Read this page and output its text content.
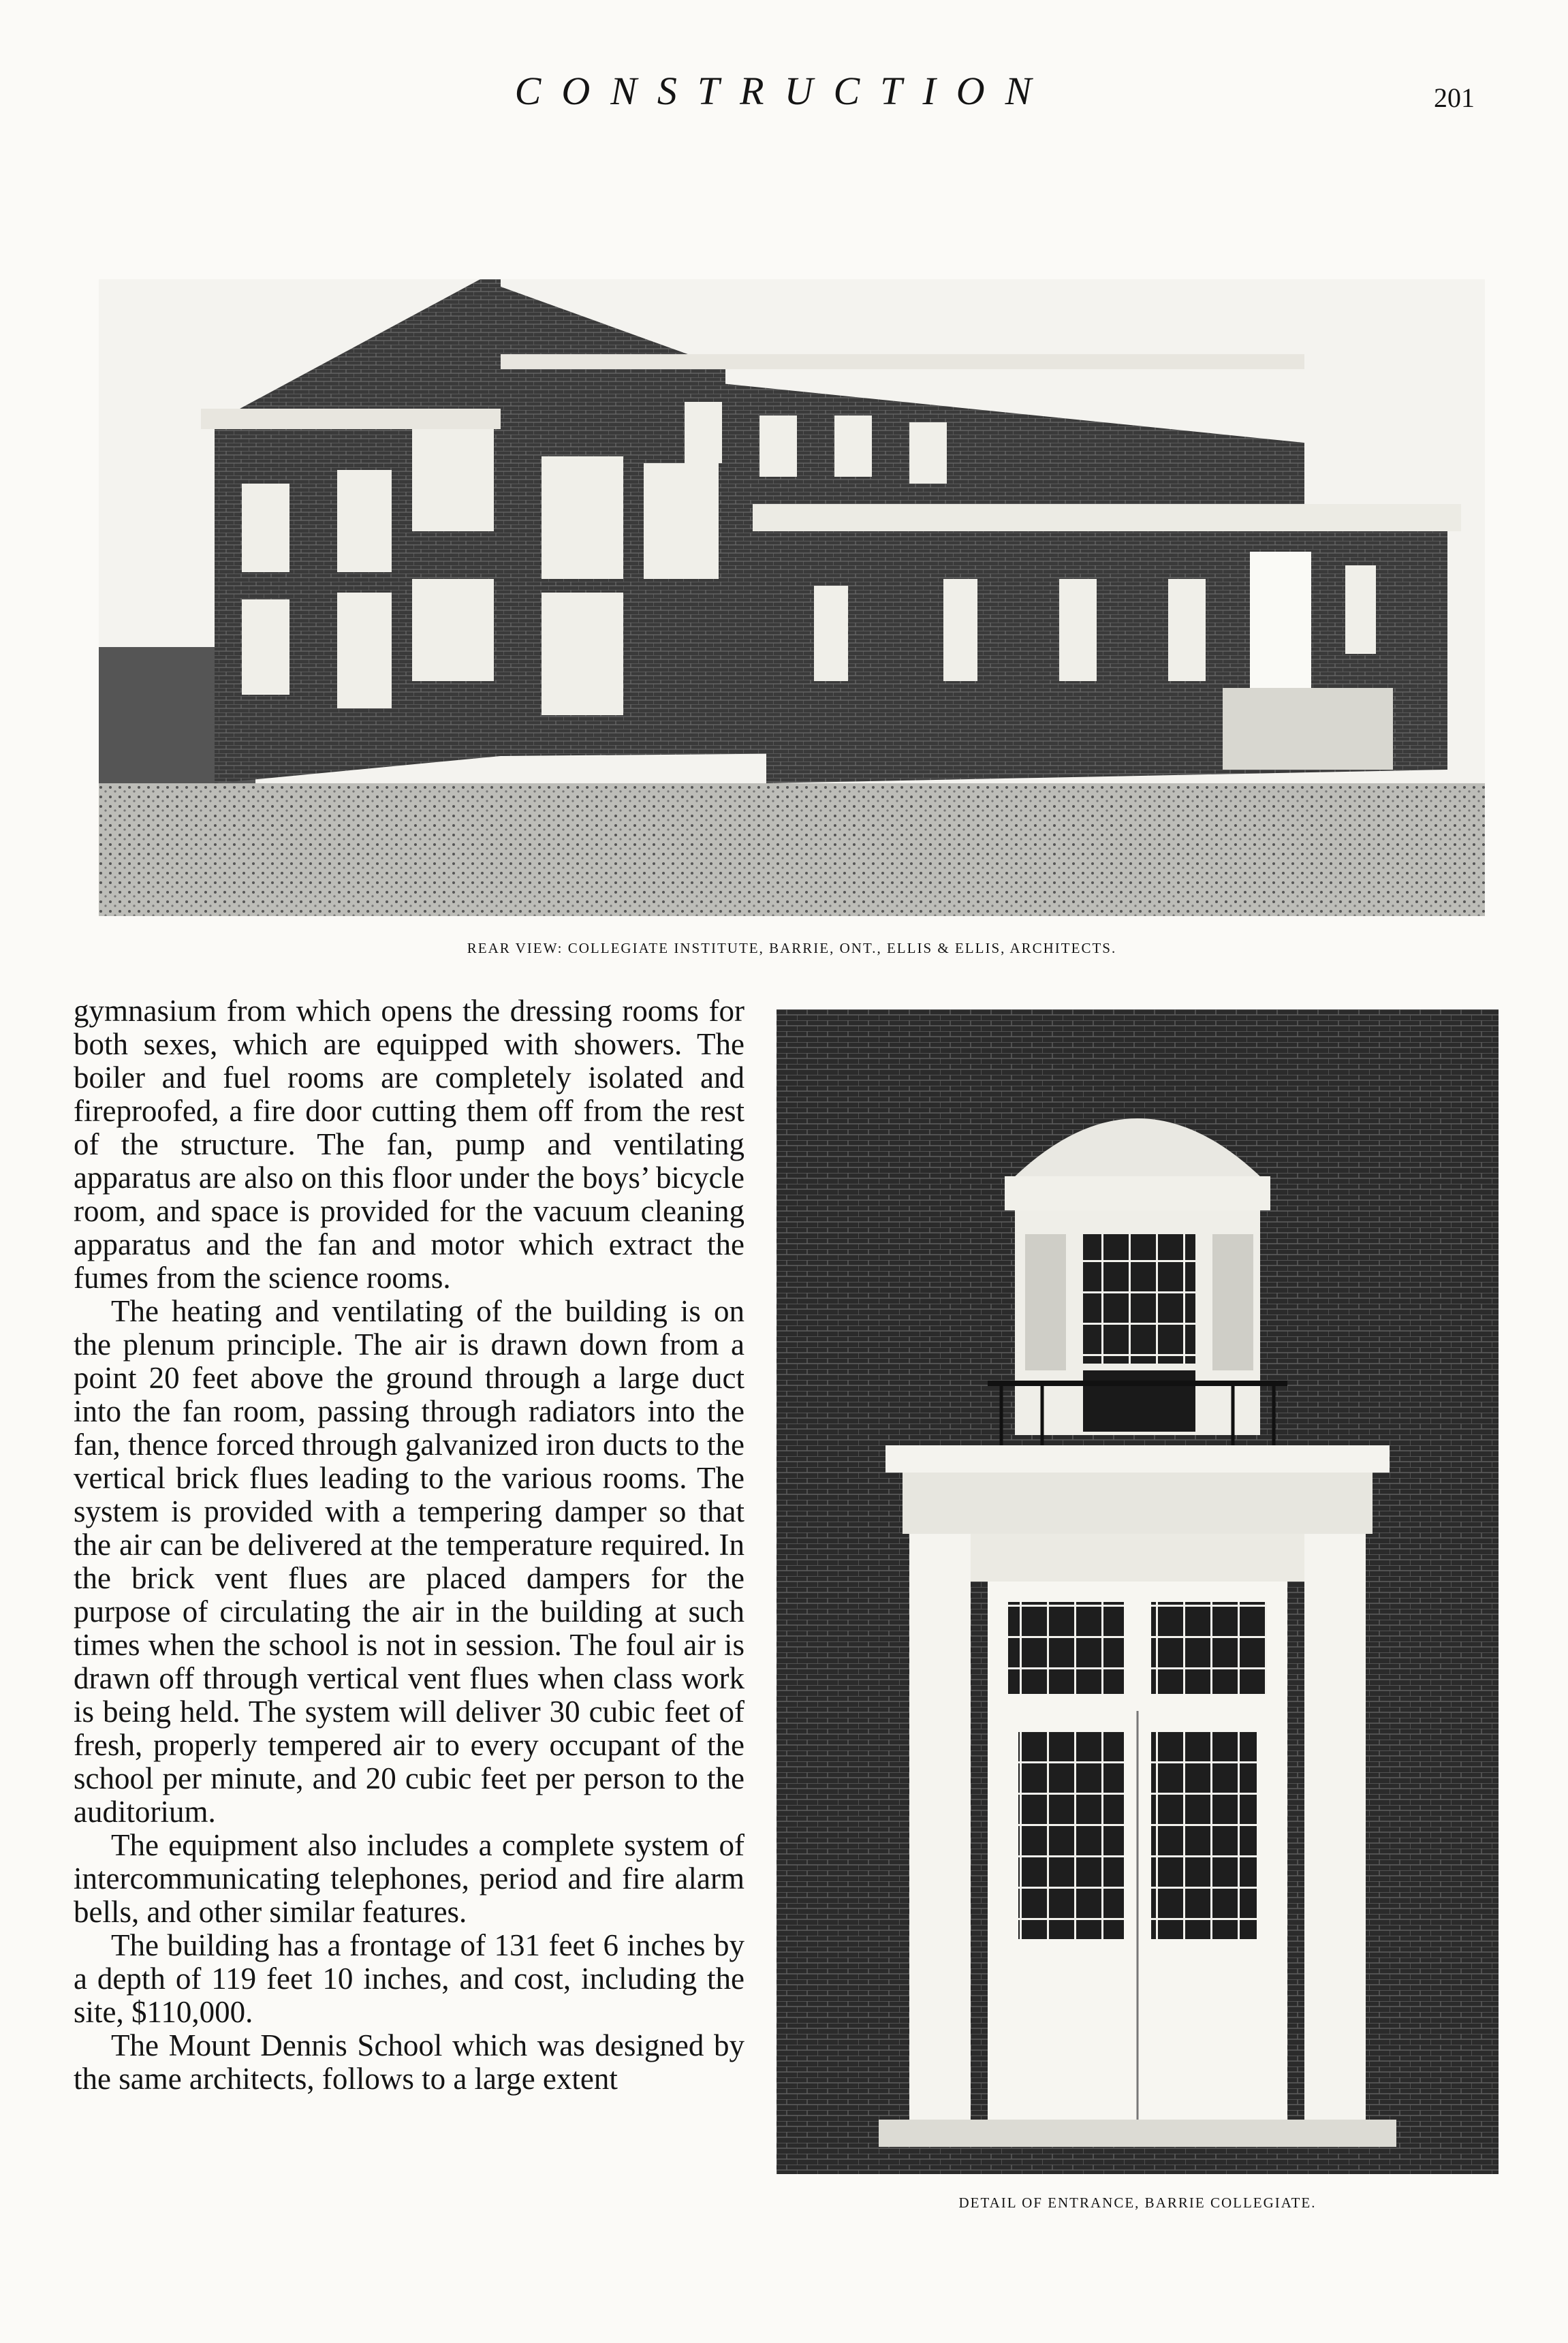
CONSTRUCTION	201
REAR VIEW: COLLEGIATE INSTITUTE, BARRIE, ONT., ELLIS & ELLIS, ARCHITECTS.

gymnasium from which opens the dressing rooms for both sexes, which are equipped with showers. The boiler and fuel rooms are completely isolated and fireproofed, a fire door cutting them off from the rest of the structure. The fan, pump and ventilating apparatus are also on this floor under the boys’ bicycle room, and space is provided for the vacuum cleaning apparatus and the fan and motor which extract the fumes from the science rooms.

The heating and ventilating of the building is on the plenum principle. The air is drawn down from a point 20 feet above the ground through a large duct into the fan room, passing through radiators into the fan, thence forced through galvanized iron ducts to the vertical brick flues leading to the various rooms. The system is provided with a tempering damper so that the air can be delivered at the temperature required. In the brick vent flues are placed dampers for the purpose of circulating the air in the building at such times when the school is not in session. The foul air is drawn off through vertical vent flues when class work is being held. The system will deliver 30 cubic feet of fresh, properly tempered air to every occupant of the school per minute, and 20 cubic feet per person to the auditorium.

The equipment also includes a complete system of intercommunicating telephones, period and fire alarm bells, and other similar features.

The building has a frontage of 131 feet 6 inches by a depth of 119 feet 10 inches, and cost, including the site, $110,000.

The Mount Dennis School which was designed by the same architects, follows to a large extent

DETAIL OF ENTRANCE, BARRIE COLLEGIATE.
